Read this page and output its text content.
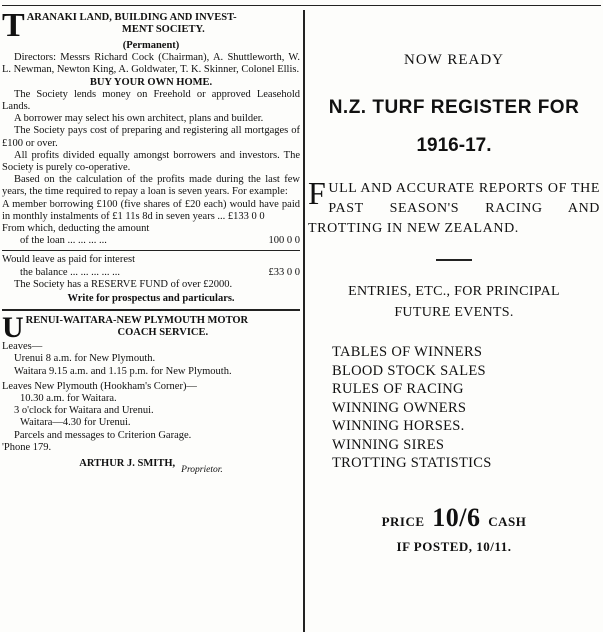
T ARANAKI LAND, BUILDING AND INVEST-

MENT SOCIETY.
(Permanent)
Directors: Messrs Richard Cock (Chairman), A. Shuttleworth, W. L. Newman, Newton King, A. Goldwater, T. K. Skinner, Colonel Ellis.
BUY YOUR OWN HOME.
The Society lends money on Freehold or approved Leasehold Lands.
A borrower may select his own architect, plans and builder.
The Society pays cost of preparing and registering all mortgages of £100 or over.
All profits divided equally amongst borrowers and investors. The Society is purely co-operative.
Based on the calculation of the profits made during the last few years, the time required to repay a loan is seven years. For example:
A member borrowing £100 (five shares of £20 each) would have paid in monthly instalments of £1 11s 8d in seven years ... £133 0 0
From which, deducting the amount
of the loan ... ... ... ...	100 0 0
Would leave as paid for interest
the balance ... ... ... ... ...	£33 0 0
The Society has a RESERVE FUND of over £2000.
Write for prospectus and particulars.
U RENUI-WAITARA-NEW PLYMOUTH MOTOR

COACH SERVICE.
Leaves—
Urenui 8 a.m. for New Plymouth.
Waitara 9.15 a.m. and 1.15 p.m. for New Plymouth.
Leaves New Plymouth (Hookham's Corner)—
10.30 a.m. for Waitara.
3 o'clock for Waitara and Urenui.
Waitara—4.30 for Urenui.
Parcels and messages to Criterion Garage.
'Phone 179.
ARTHUR J. SMITH,
Proprietor.
NOW READY
N.Z. TURF REGISTER FOR
1916-17.
F ULL AND ACCURATE REPORTS OF THE PAST SEASON'S RACING AND TROTTING IN NEW ZEALAND.
ENTRIES, ETC., FOR PRINCIPAL
FUTURE EVENTS.
TABLES OF WINNERS
BLOOD STOCK SALES
RULES OF RACING
WINNING OWNERS
WINNING HORSES.
WINNING SIRES
TROTTING STATISTICS
PRICE 10/6 CASH
IF POSTED, 10/11.
